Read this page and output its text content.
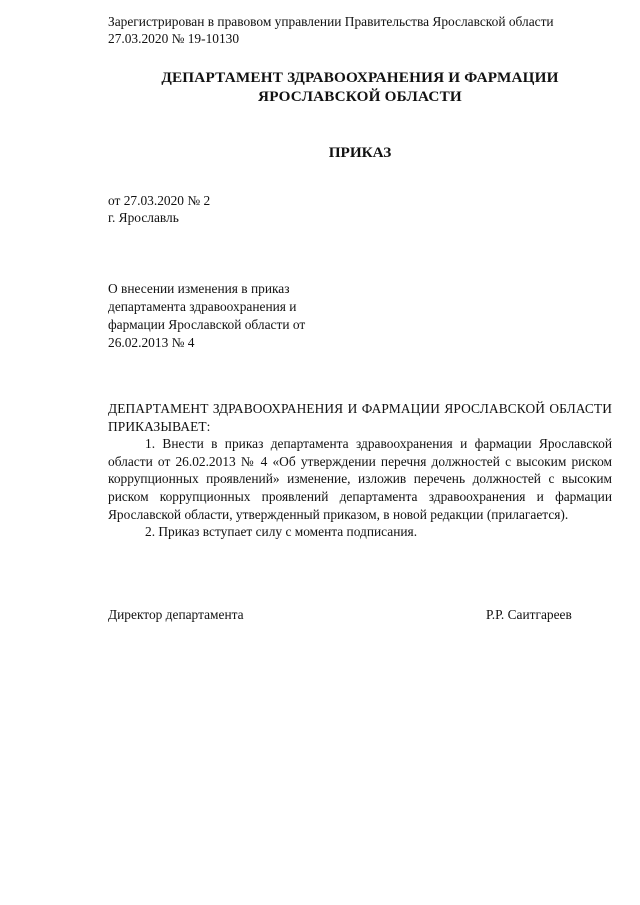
Зарегистрирован в правовом управлении Правительства Ярославской области
27.03.2020 № 19-10130
ДЕПАРТАМЕНТ ЗДРАВООХРАНЕНИЯ И ФАРМАЦИИ
ЯРОСЛАВСКОЙ ОБЛАСТИ
ПРИКАЗ
от 27.03.2020 № 2
г. Ярославль
О внесении изменения в приказ
департамента здравоохранения и
фармации Ярославской области от
26.02.2013 № 4

ДЕПАРТАМЕНТ ЗДРАВООХРАНЕНИЯ И ФАРМАЦИИ ЯРОСЛАВСКОЙ ОБЛАСТИ ПРИКАЗЫВАЕТ:

1. Внести в приказ департамента здравоохранения и фармации Ярославской области от 26.02.2013 № 4 «Об утверждении перечня должностей с высоким риском коррупционных проявлений» изменение, изложив перечень должностей с высоким риском коррупционных проявлений департамента здравоохранения и фармации Ярославской области, утвержденный приказом, в новой редакции (прилагается).

2. Приказ вступает силу с момента подписания.

Директор департамента	Р.Р. Саитгареев
